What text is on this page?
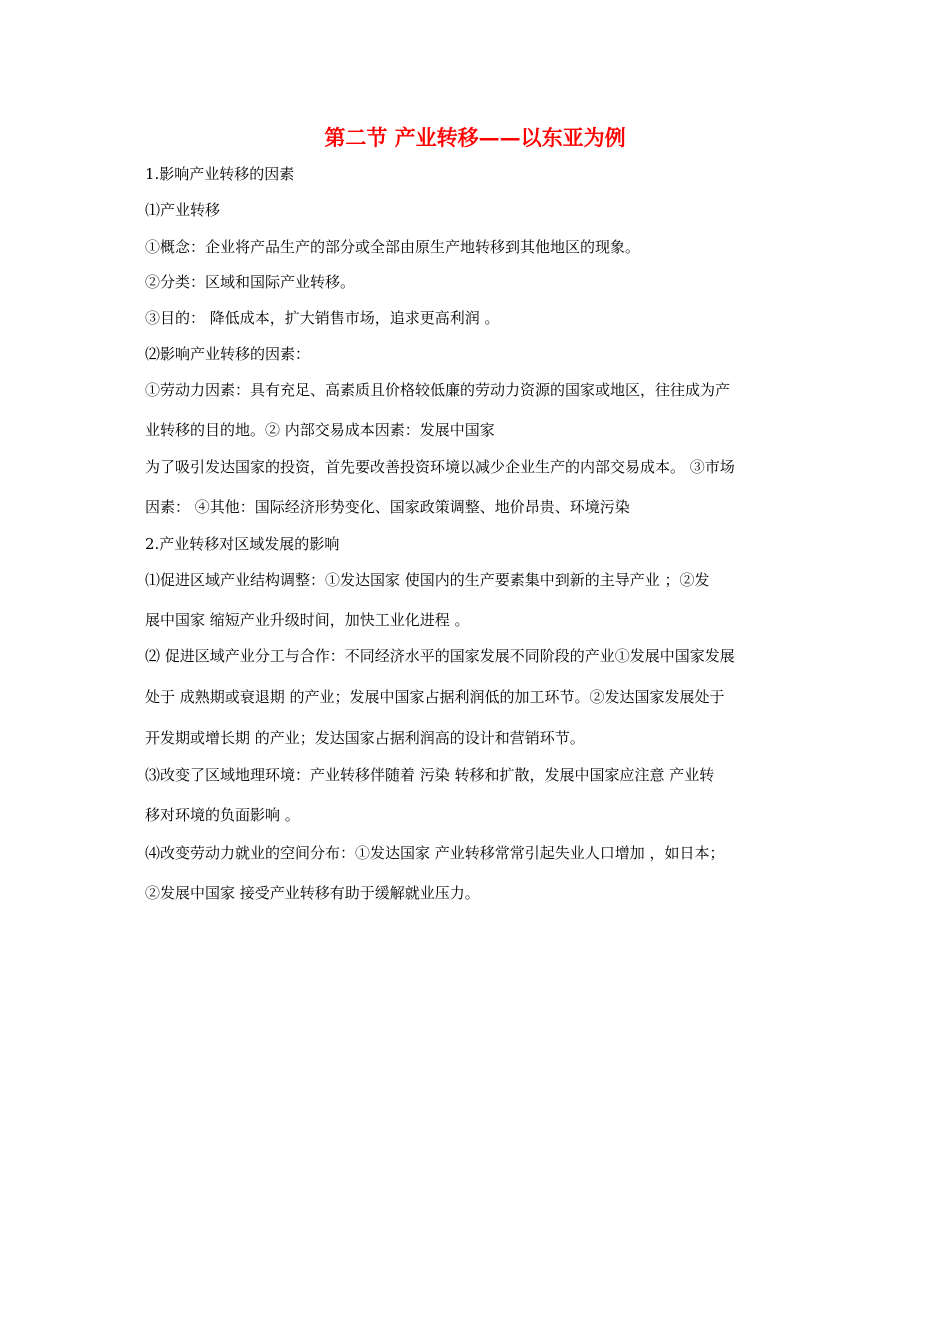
第二节 产业转移——以东亚为例
1.影响产业转移的因素
⑴产业转移
①概念：企业将产品生产的部分或全部由原生产地转移到其他地区的现象。
②分类：区域和国际产业转移。
③目的： 降低成本，扩大销售市场，追求更高利润 。
⑵影响产业转移的因素：
①劳动力因素：具有充足、高素质且价格较低廉的劳动力资源的国家或地区，往往成为产
业转移的目的地。② 内部交易成本因素：发展中国家
为了吸引发达国家的投资，首先要改善投资环境以减少企业生产的内部交易成本。 ③市场
因素： ④其他：国际经济形势变化、国家政策调整、地价昂贵、环境污染
2.产业转移对区域发展的影响
⑴促进区域产业结构调整：①发达国家 使国内的生产要素集中到新的主导产业 ；②发
展中国家 缩短产业升级时间，加快工业化进程 。
⑵ 促进区域产业分工与合作：不同经济水平的国家发展不同阶段的产业①发展中国家发展
处于 成熟期或衰退期 的产业；发展中国家占据利润低的加工环节。②发达国家发展处于
开发期或增长期 的产业；发达国家占据利润高的设计和营销环节。
⑶改变了区域地理环境：产业转移伴随着 污染 转移和扩散，发展中国家应注意 产业转
移对环境的负面影响 。
⑷改变劳动力就业的空间分布：①发达国家 产业转移常常引起失业人口增加 ，如日本；
②发展中国家 接受产业转移有助于缓解就业压力。
